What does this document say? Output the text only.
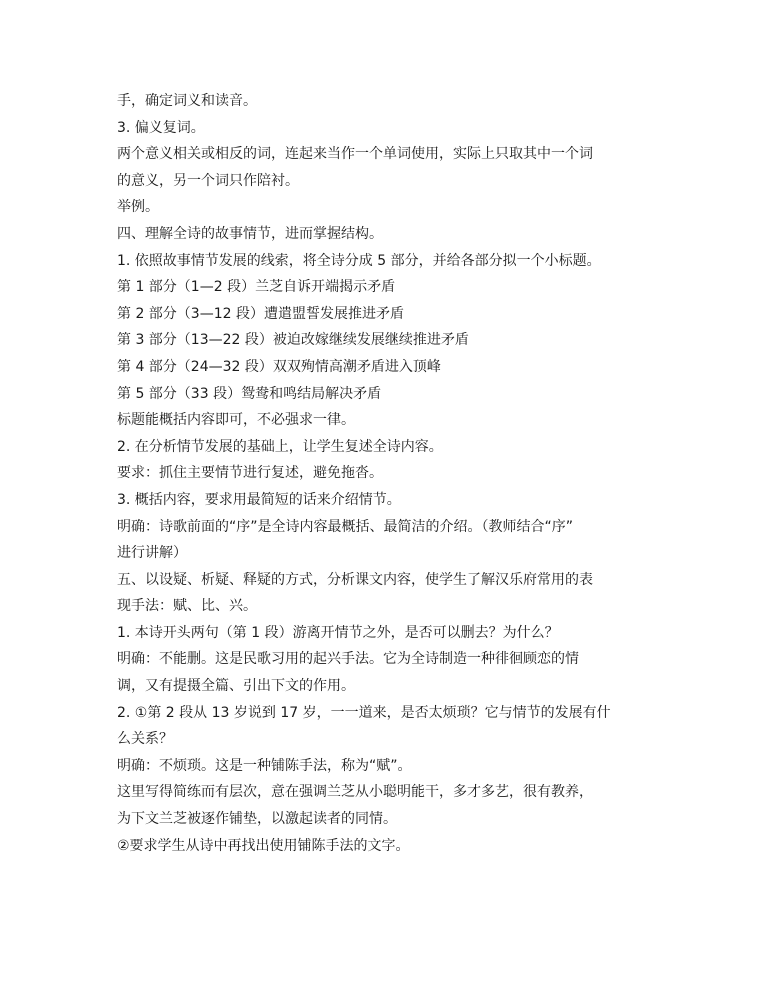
手，确定词义和读音。
3. 偏义复词。
两个意义相关或相反的词，连起来当作一个单词使用，实际上只取其中一个词
的意义，另一个词只作陪衬。
举例。
四、理解全诗的故事情节，进而掌握结构。
1. 依照故事情节发展的线索，将全诗分成 5 部分，并给各部分拟一个小标题。
第 1 部分（1—2 段）兰芝自诉开端揭示矛盾
第 2 部分（3—12 段）遭遣盟誓发展推进矛盾
第 3 部分（13—22 段）被迫改嫁继续发展继续推进矛盾
第 4 部分（24—32 段）双双殉情高潮矛盾进入顶峰
第 5 部分（33 段）鸳鸯和鸣结局解决矛盾
标题能概括内容即可，不必强求一律。
2. 在分析情节发展的基础上，让学生复述全诗内容。
要求：抓住主要情节进行复述，避免拖沓。
3. 概括内容，要求用最简短的话来介绍情节。
明确：诗歌前面的“序”是全诗内容最概括、最简洁的介绍。（教师结合“序”
进行讲解）
五、以设疑、析疑、释疑的方式，分析课文内容，使学生了解汉乐府常用的表
现手法：赋、比、兴。
1. 本诗开头两句（第 1 段）游离开情节之外，是否可以删去？为什么？
明确：不能删。这是民歌习用的起兴手法。它为全诗制造一种徘徊顾恋的情
调，又有提摄全篇、引出下文的作用。
2. ①第 2 段从 13 岁说到 17 岁，一一道来，是否太烦琐？它与情节的发展有什
么关系？
明确：不烦琐。这是一种铺陈手法，称为“赋”。
这里写得简练而有层次，意在强调兰芝从小聪明能干，多才多艺，很有教养，
为下文兰芝被逐作铺垫，以激起读者的同情。
②要求学生从诗中再找出使用铺陈手法的文字。
